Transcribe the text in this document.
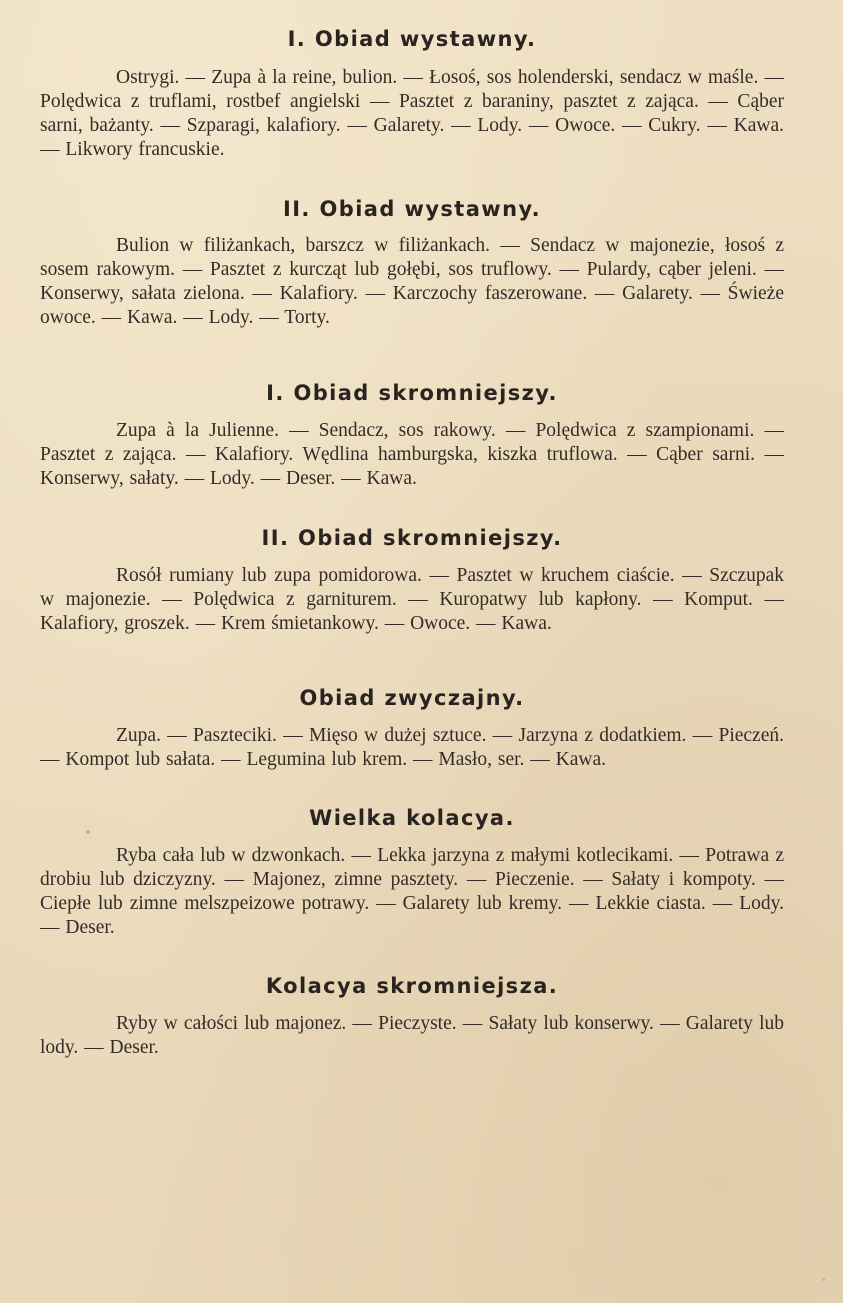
I. Obiad wystawny.

Ostrygi. — Zupa à la reine, bulion. — Łosoś, sos holenderski, sendacz w maśle. — Polędwica z truflami, rostbef angielski — Pasztet z baraniny, pasztet z zająca. — Cąber sarni, bażanty. — Szparagi, kalafiory. — Galarety. — Lody. — Owoce. — Cukry. — Kawa. — Likwory francuskie.

II. Obiad wystawny.

Bulion w filiżankach, barszcz w filiżankach. — Sendacz w majonezie, łosoś z sosem rakowym. — Pasztet z kurcząt lub gołębi, sos truflowy. — Pulardy, cąber jeleni. — Konserwy, sałata zielona. — Kalafiory. — Karczochy faszerowane. — Galarety. — Świeże owoce. — Kawa. — Lody. — Torty.

I. Obiad skromniejszy.

Zupa à la Julienne. — Sendacz, sos rakowy. — Polędwica z szampionami. — Pasztet z zająca. — Kalafiory. Wędlina hamburgska, kiszka truflowa. — Cąber sarni. — Konserwy, sałaty. — Lody. — Deser. — Kawa.

II. Obiad skromniejszy.

Rosół rumiany lub zupa pomidorowa. — Pasztet w kruchem ciaście. — Szczupak w majonezie. — Polędwica z garniturem. — Kuropatwy lub kapłony. — Komput. — Kalafiory, groszek. — Krem śmietankowy. — Owoce. — Kawa.

Obiad zwyczajny.

Zupa. — Paszteciki. — Mięso w dużej sztuce. — Jarzyna z dodatkiem. — Pieczeń. — Kompot lub sałata. — Legumina lub krem. — Masło, ser. — Kawa.

Wielka kolacya.

Ryba cała lub w dzwonkach. — Lekka jarzyna z małymi kotlecikami. — Potrawa z drobiu lub dziczyzny. — Majonez, zimne pasztety. — Pieczenie. — Sałaty i kompoty. — Ciepłe lub zimne melszpeizowe potrawy. — Galarety lub kremy. — Lekkie ciasta. — Lody. — Deser.

Kolacya skromniejsza.

Ryby w całości lub majonez. — Pieczyste. — Sałaty lub konserwy. — Galarety lub lody. — Deser.
